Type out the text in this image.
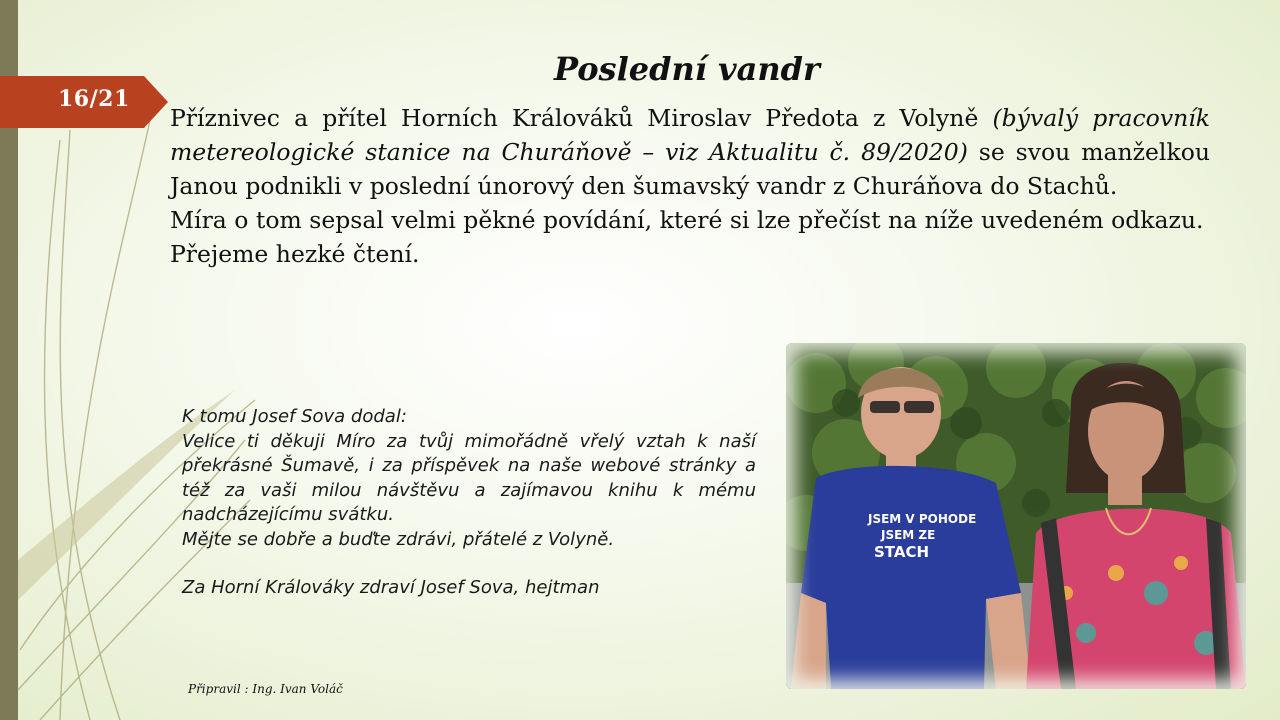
16/21
Poslední vandr

Příznivec a přítel Horních Králováků Miroslav Předota z Volyně (bývalý pracovník metereologické stanice na Churáňově – viz Aktualitu č. 89/2020) se svou manželkou Janou podnikli v poslední únorový den šumavský vandr z Churáňova do Stachů.

Míra o tom sepsal velmi pěkné povídání, které si lze přečíst na níže uvedeném odkazu.

Přejeme hezké čtení.

K tomu Josef Sova dodal:

Velice ti děkuji Míro za tvůj mimořádně vřelý vztah k naší překrásné Šumavě, i za příspěvek na naše webové stránky a též za vaši milou návštěvu a zajímavou knihu k mému nadcházejícímu svátku.

Mějte se dobře a buďte zdrávi, přátelé z Volyně.

Za Horní Králováky zdraví Josef Sova, hejtman

Připravil : Ing. Ivan Voláč
JSEM V POHODE
JSEM ZE
STACH
